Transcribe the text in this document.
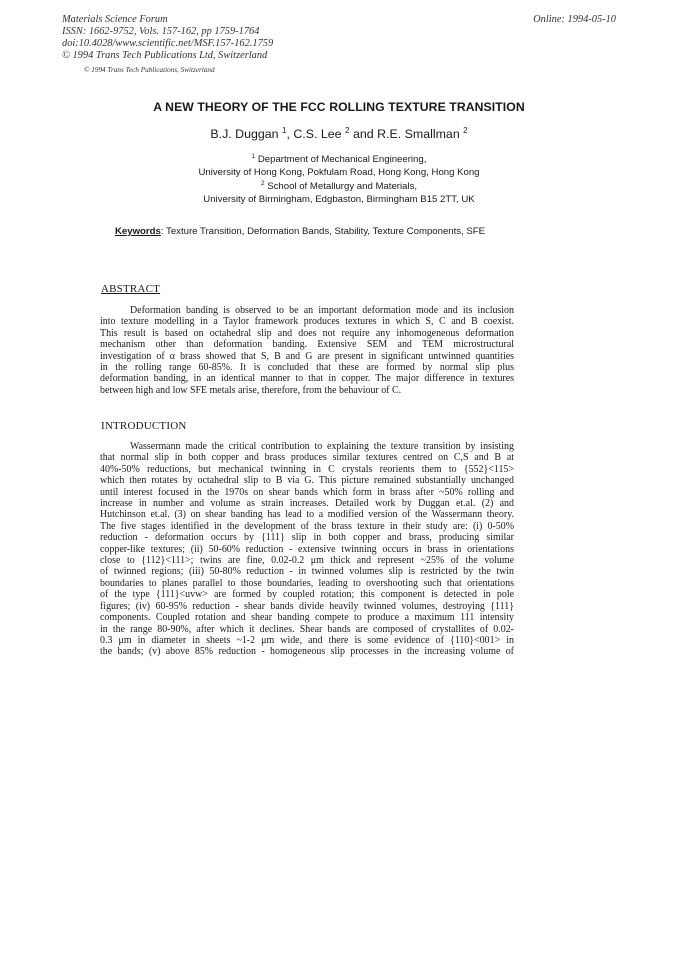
Materials Science Forum
ISSN: 1662-9752, Vols. 157-162, pp 1759-1764
doi:10.4028/www.scientific.net/MSF.157-162.1759
© 1994 Trans Tech Publications Ltd, Switzerland
© 1994 Trans Tech Publications, Switzerland
Online: 1994-05-10
A NEW THEORY OF THE FCC ROLLING TEXTURE TRANSITION
B.J. Duggan $^1$, C.S. Lee $^2$ and R.E. Smallman $^2$
$^1$ Department of Mechanical Engineering,
University of Hong Kong, Pokfulam Road, Hong Kong, Hong Kong
$^2$ School of Metallurgy and Materials,
University of Birmingham, Edgbaston, Birmingham B15 2TT, UK
Keywords: Texture Transition, Deformation Bands, Stability, Texture Components, SFE
ABSTRACT
Deformation banding is observed to be an important deformation mode and its inclusion
into texture modelling in a Taylor framework produces textures in which S, C and B coexist.
This result is based on octahedral slip and does not require any inhomogeneous deformation
mechanism other than deformation banding. Extensive SEM and TEM microstructural
investigation of α brass showed that S, B and G are present in significant untwinned quantities
in the rolling range 60-85%. It is concluded that these are formed by normal slip plus
deformation banding, in an identical manner to that in copper. The major difference in textures
between high and low SFE metals arise, therefore, from the behaviour of C.
INTRODUCTION
Wassermann made the critical contribution to explaining the texture transition by insisting
that normal slip in both copper and brass produces similar textures centred on C,S and B at
40%-50% reductions, but mechanical twinning in C crystals reorients them to {552}<115>
which then rotates by octahedral slip to B via G. This picture remained substantially unchanged
until interest focused in the 1970s on shear bands which form in brass after ~50% rolling and
increase in number and volume as strain increases. Detailed work by Duggan et.al. (2) and
Hutchinson et.al. (3) on shear banding has lead to a modified version of the Wassermann theory.
The five stages identified in the development of the brass texture in their study are: (i) 0-50%
reduction - deformation occurs by {111} slip in both copper and brass, producing similar
copper-like textures; (ii) 50-60% reduction - extensive twinning occurs in brass in orientations
close to {112}<111>; twins are fine, 0.02-0.2 μm thick and represent ~25% of the volume
of twinned regions; (iii) 50-80% reduction - in twinned volumes slip is restricted by the twin
boundaries to planes parallel to those boundaries, leading to overshooting such that orientations
of the type {111}<uvw> are formed by coupled rotation; this component is detected in pole
figures; (iv) 60-95% reduction - shear bands divide heavily twinned volumes, destroying {111}
components. Coupled rotation and shear banding compete to produce a maximum 111 intensity
in the range 80-90%, after which it declines. Shear bands are composed of crystallites of 0.02-
0.3 μm in diameter in sheets ~1-2 μm wide, and there is some evidence of {110}<001> in
the bands; (v) above 85% reduction - homogeneous slip processes in the increasing volume of
